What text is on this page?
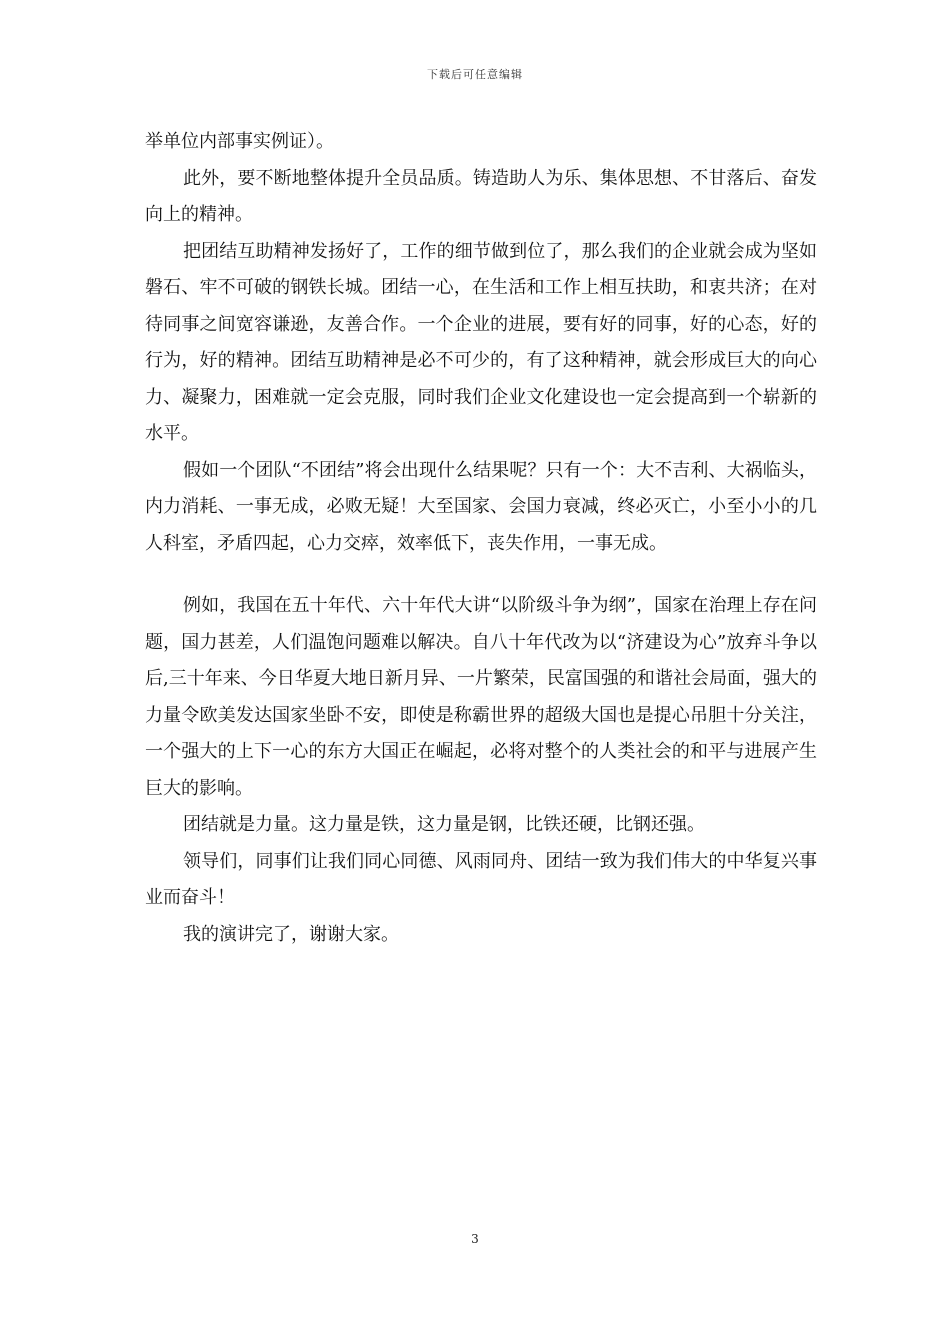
下载后可任意编辑

举单位内部事实例证）。

此外，要不断地整体提升全员品质。铸造助人为乐、集体思想、不甘落后、奋发向上的精神。

把团结互助精神发扬好了，工作的细节做到位了，那么我们的企业就会成为坚如磐石、牢不可破的钢铁长城。团结一心，在生活和工作上相互扶助，和衷共济；在对待同事之间宽容谦逊，友善合作。一个企业的进展，要有好的同事，好的心态，好的行为，好的精神。团结互助精神是必不可少的，有了这种精神，就会形成巨大的向心力、凝聚力，困难就一定会克服，同时我们企业文化建设也一定会提高到一个崭新的水平。

假如一个团队“不团结”将会出现什么结果呢？只有一个：大不吉利、大祸临头，内力消耗、一事无成，必败无疑！大至国家、会国力衰减，终必灭亡，小至小小的几人科室，矛盾四起，心力交瘁，效率低下，丧失作用，一事无成。

例如，我国在五十年代、六十年代大讲“以阶级斗争为纲”，国家在治理上存在问题，国力甚差，人们温饱问题难以解决。自八十年代改为以“济建设为心”放弃斗争以后,三十年来、今日华夏大地日新月异、一片繁荣，民富国强的和谐社会局面，强大的力量令欧美发达国家坐卧不安，即使是称霸世界的超级大国也是提心吊胆十分关注，一个强大的上下一心的东方大国正在崛起，必将对整个的人类社会的和平与进展产生巨大的影响。

团结就是力量。这力量是铁，这力量是钢，比铁还硬，比钢还强。

领导们，同事们让我们同心同德、风雨同舟、团结一致为我们伟大的中华复兴事业而奋斗！

我的演讲完了，谢谢大家。

3
